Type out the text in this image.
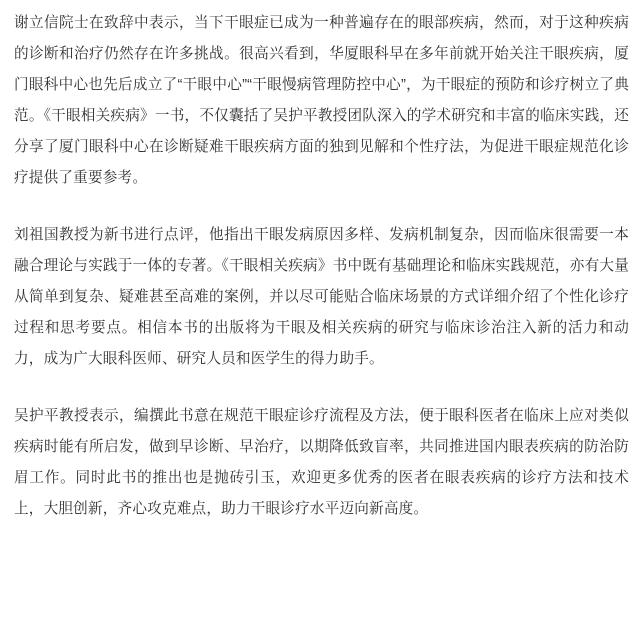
谢立信院士在致辞中表示，当下干眼症已成为一种普遍存在的眼部疾病，然而，对于这种疾病的诊断和治疗仍然存在许多挑战。很高兴看到，华厦眼科早在多年前就开始关注干眼疾病，厦门眼科中心也先后成立了“干眼中心”“干眼慢病管理防控中心”，为干眼症的预防和诊疗树立了典范。《干眼相关疾病》一书，不仅囊括了吴护平教授团队深入的学术研究和丰富的临床实践，还分享了厦门眼科中心在诊断疑难干眼疾病方面的独到见解和个性疗法，为促进干眼症规范化诊疗提供了重要参考。

刘祖国教授为新书进行点评，他指出干眼发病原因多样、发病机制复杂，因而临床很需要一本融合理论与实践于一体的专著。《干眼相关疾病》书中既有基础理论和临床实践规范，亦有大量从简单到复杂、疑难甚至高难的案例，并以尽可能贴合临床场景的方式详细介绍了个性化诊疗过程和思考要点。相信本书的出版将为干眼及相关疾病的研究与临床诊治注入新的活力和动力，成为广大眼科医师、研究人员和医学生的得力助手。

吴护平教授表示，编撰此书意在规范干眼症诊疗流程及方法，便于眼科医者在临床上应对类似疾病时能有所启发，做到早诊断、早治疗，以期降低致盲率，共同推进国内眼表疾病的防治防眉工作。同时此书的推出也是抛砖引玉，欢迎更多优秀的医者在眼表疾病的诊疗方法和技术上，大胆创新，齐心攻克难点，助力干眼诊疗水平迈向新高度。
